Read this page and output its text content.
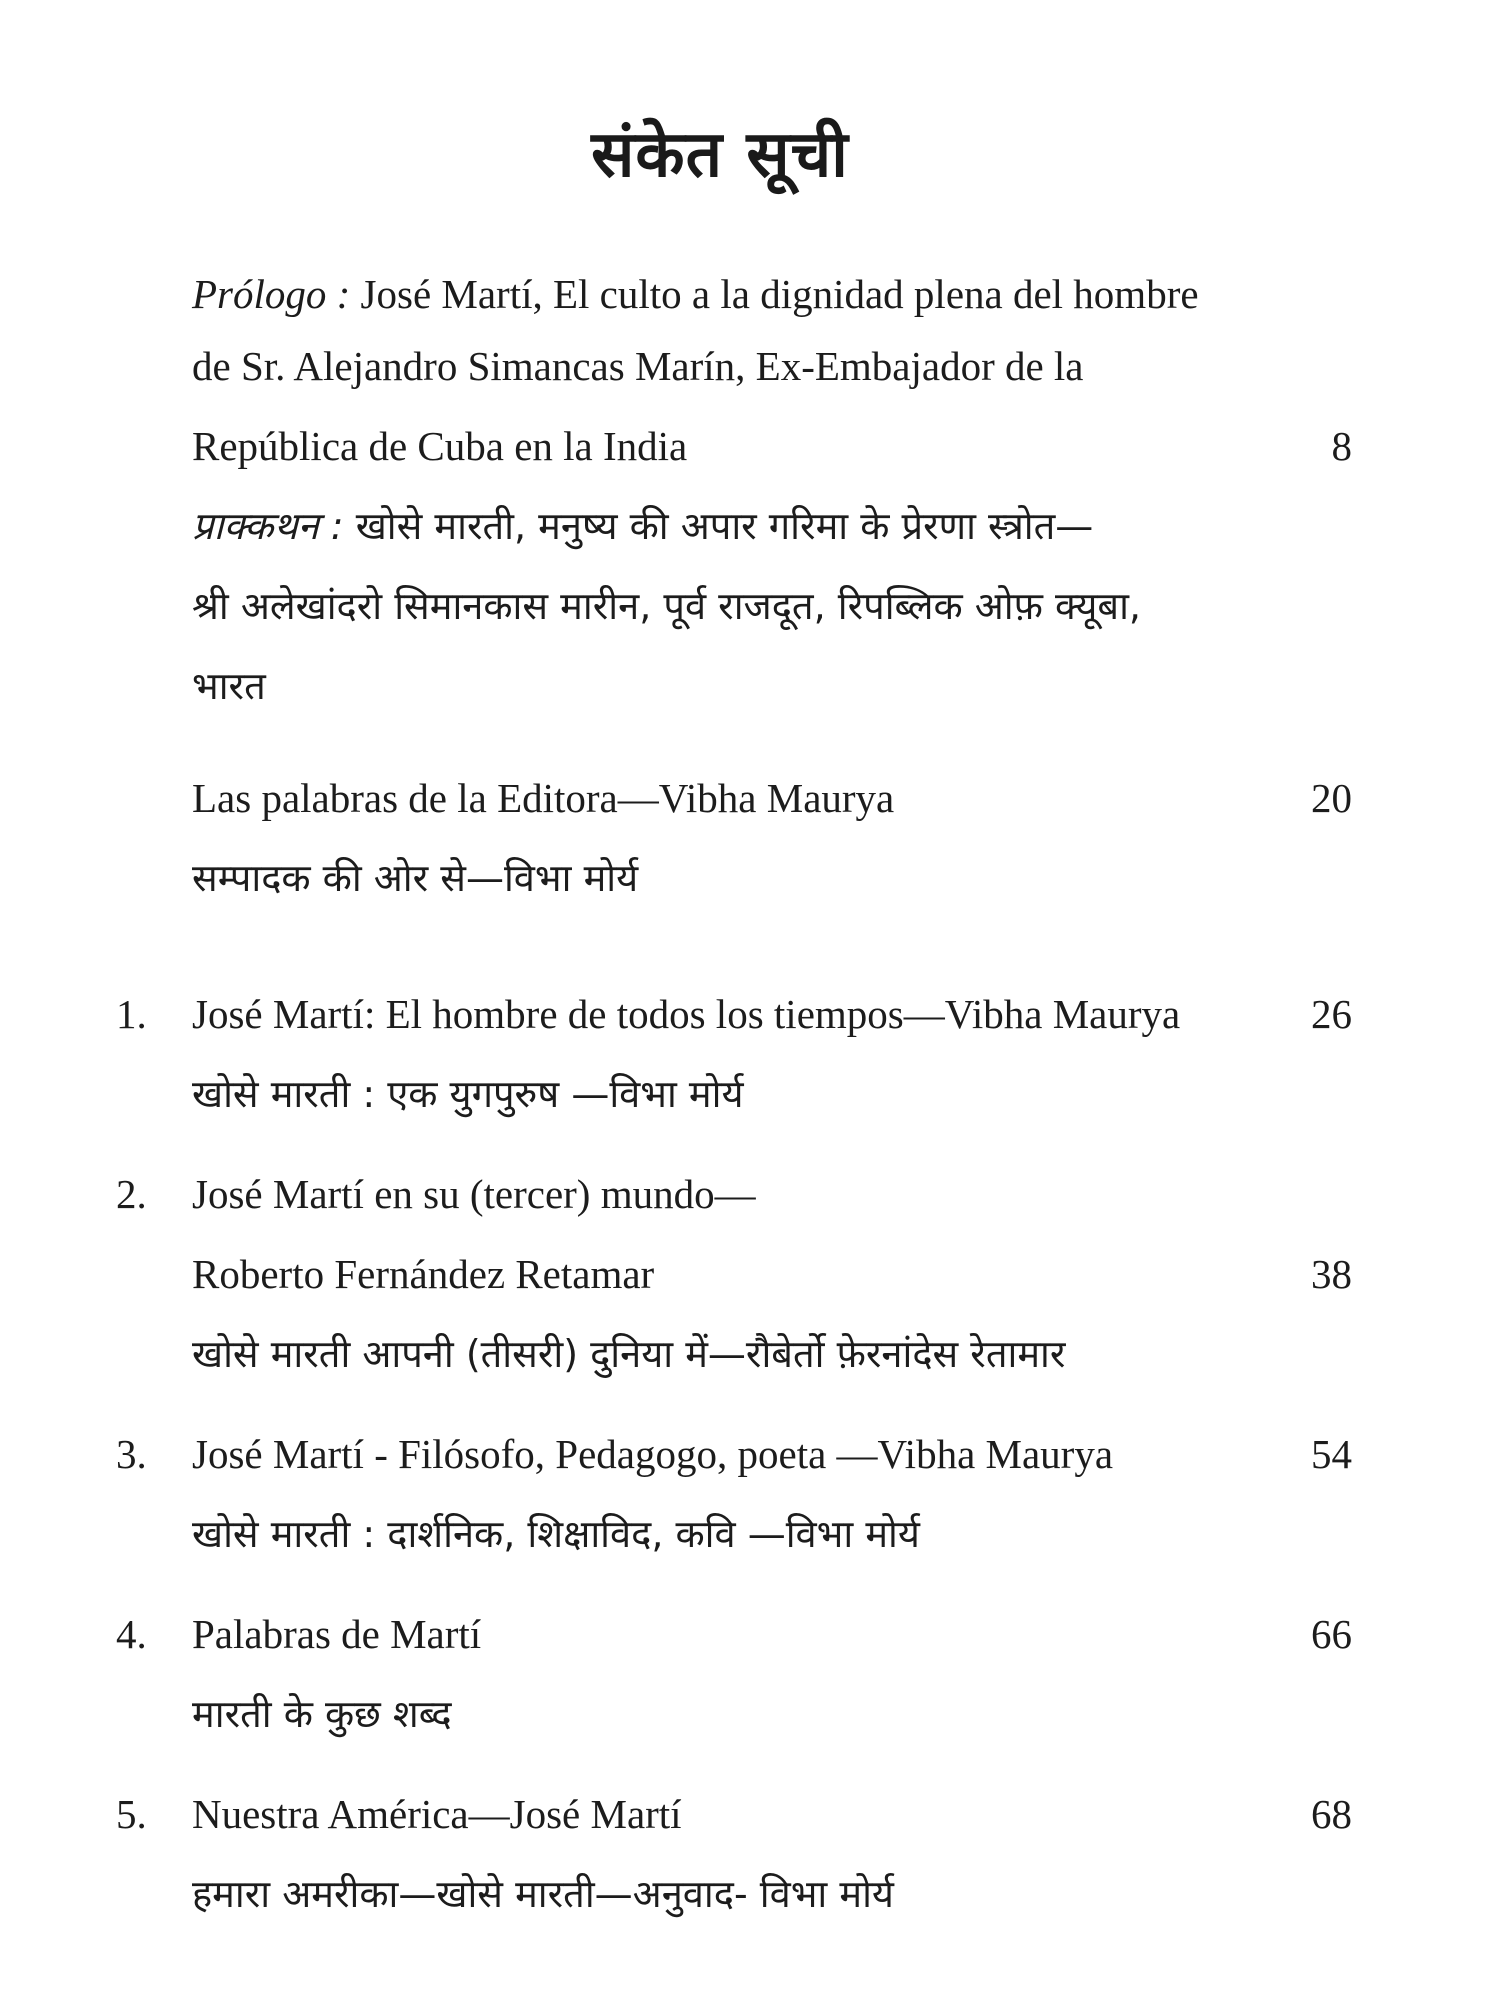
संकेत सूची
Prólogo : José Martí, El culto a la dignidad plena del hombre
de Sr. Alejandro Simancas Marín, Ex-Embajador de la
República de Cuba en la India	8
प्राक्कथन : खोसे मारती, मनुष्य की अपार गरिमा के प्रेरणा स्त्रोत—
श्री अलेखांदरो सिमानकास मारीन, पूर्व राजदूत, रिपब्लिक ओफ़ क्यूबा,
भारत
Las palabras de la Editora—Vibha Maurya	20
सम्पादक की ओर से—विभा मोर्य
1. José Martí: El hombre de todos los tiempos—Vibha Maurya	26
खोसे मारती : एक युगपुरुष —विभा मोर्य
2. José Martí en su (tercer) mundo—
Roberto Fernández Retamar	38
खोसे मारती आपनी (तीसरी) दुनिया में—रौबेर्तो फ़ेरनांदेस रेतामार
3. José Martí - Filósofo, Pedagogo, poeta —Vibha Maurya	54
खोसे मारती : दार्शनिक, शिक्षाविद, कवि —विभा मोर्य
4. Palabras de Martí	66
मारती के कुछ शब्द
5. Nuestra América—José Martí	68
हमारा अमरीका—खोसे मारती—अनुवाद- विभा मोर्य
